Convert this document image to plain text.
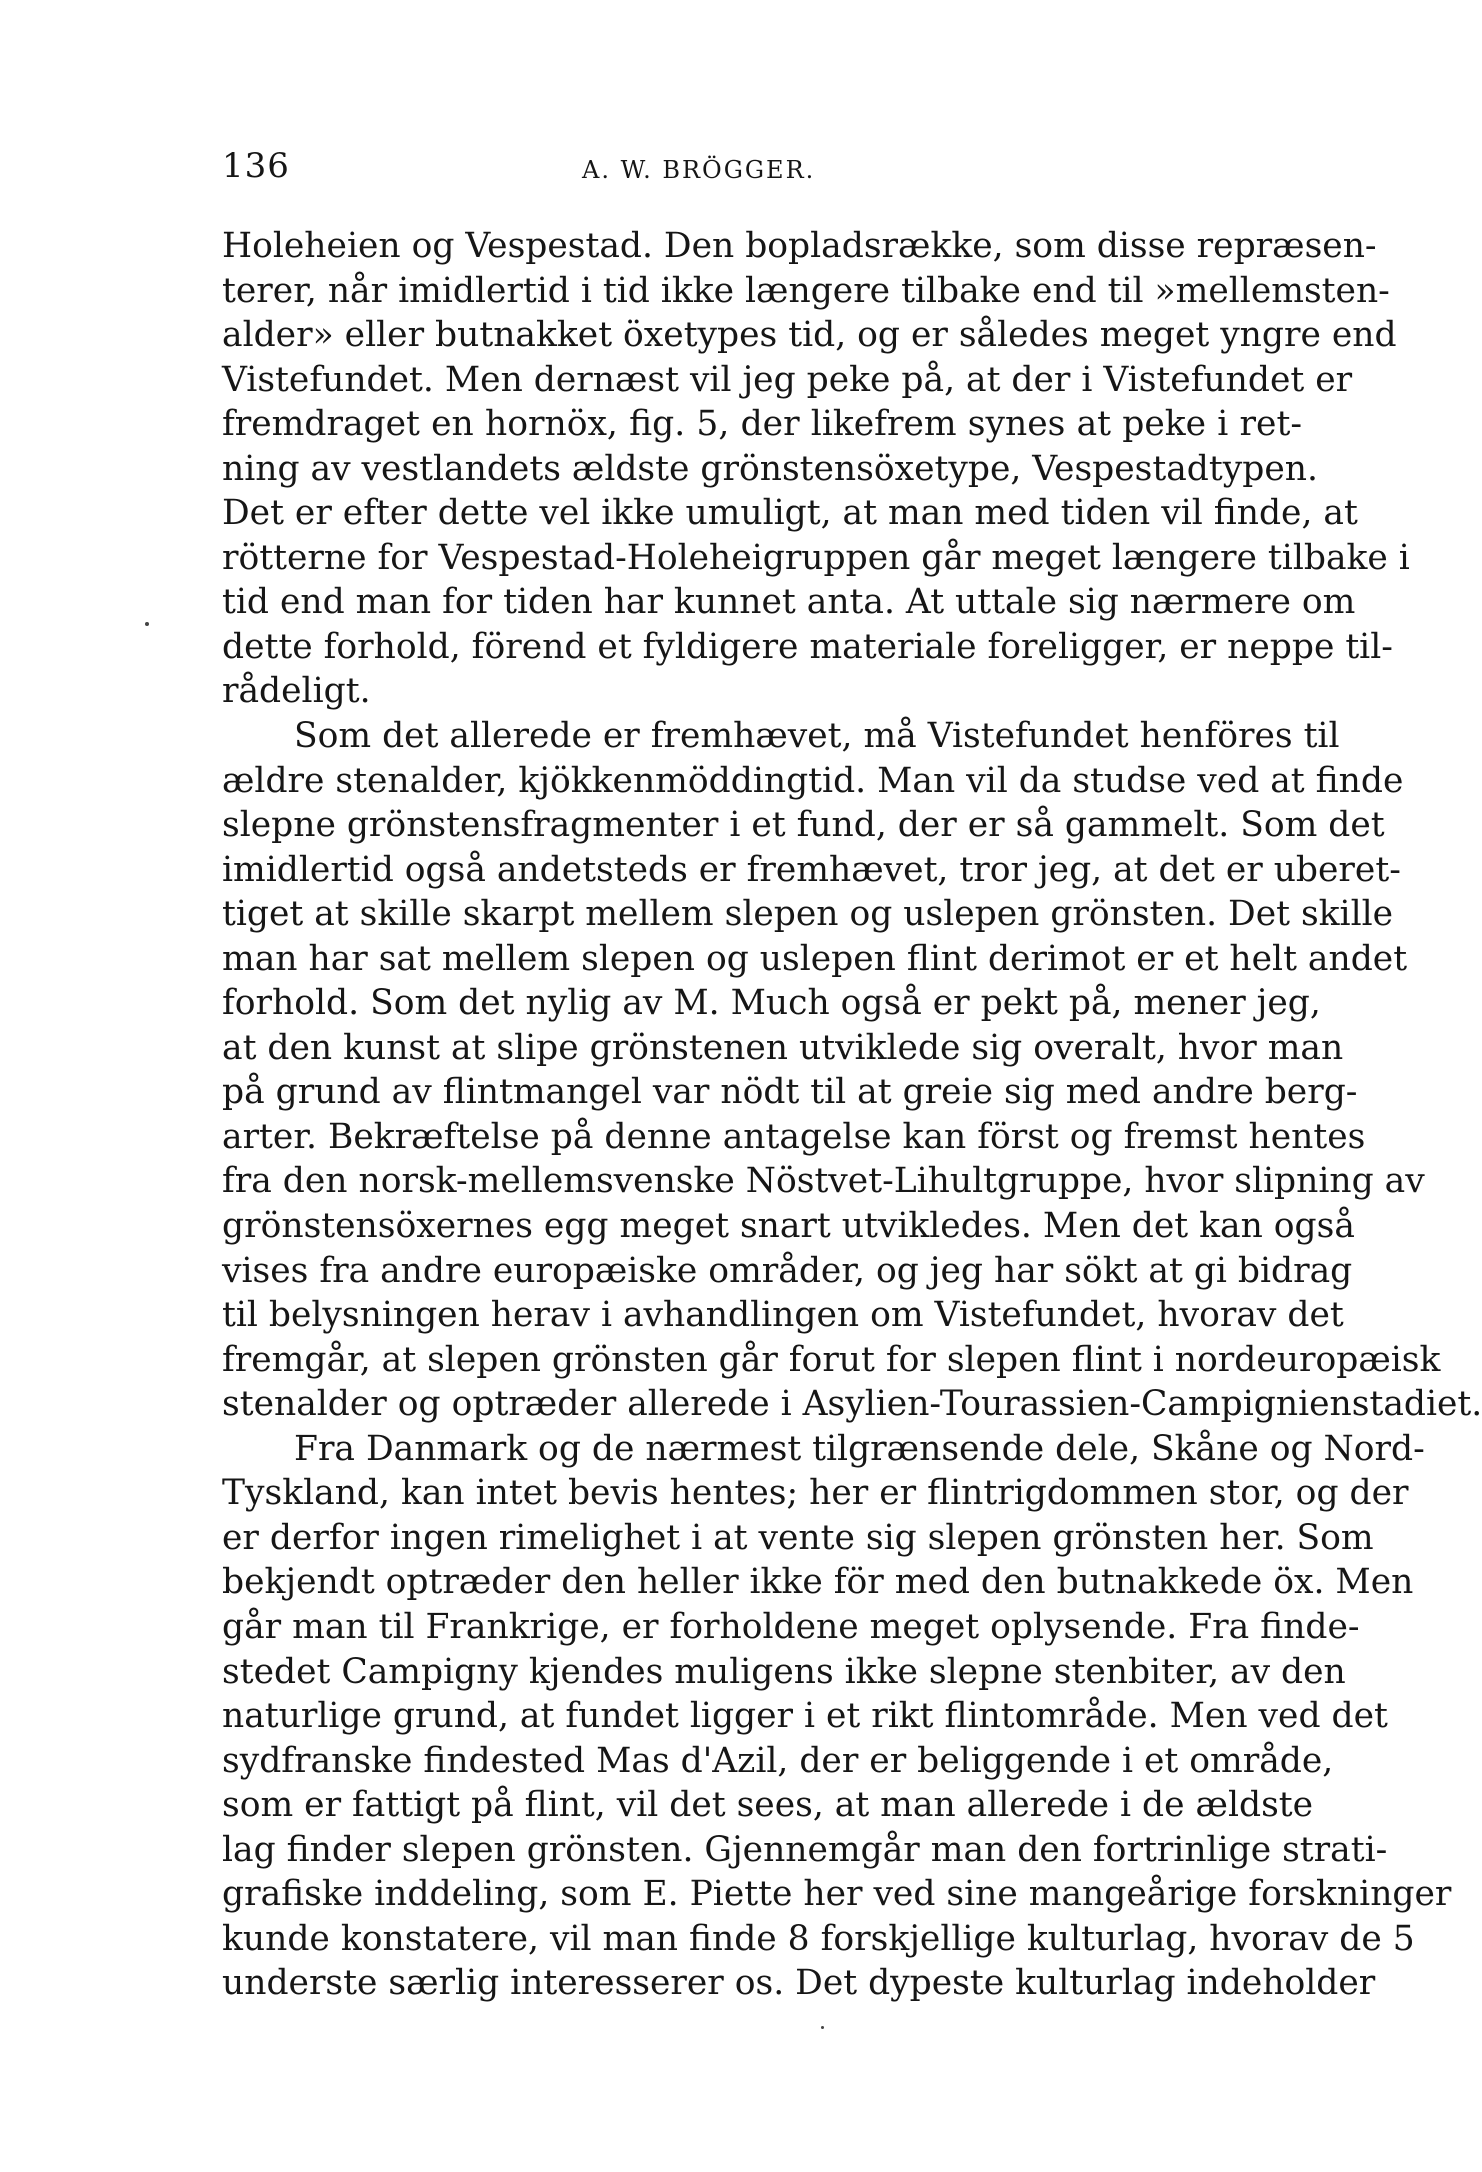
136	A. W. BRÖGGER.
Holeheien og Vespestad. Den bopladsrække, som disse repræsen-
terer, når imidlertid i tid ikke længere tilbake end til »mellemsten-
alder» eller butnakket öxetypes tid, og er således meget yngre end
Vistefundet. Men dernæst vil jeg peke på, at der i Vistefundet er
fremdraget en hornöx, fig. 5, der likefrem synes at peke i ret-
ning av vestlandets ældste grönstensöxetype, Vespestadtypen.
Det er efter dette vel ikke umuligt, at man med tiden vil finde, at
rötterne for Vespestad-Holeheigruppen går meget længere tilbake i
tid end man for tiden har kunnet anta. At uttale sig nærmere om
dette forhold, förend et fyldigere materiale foreligger, er neppe til-
rådeligt.
Som det allerede er fremhævet, må Vistefundet henföres til
ældre stenalder, kjökkenmöddingtid. Man vil da studse ved at finde
slepne grönstensfragmenter i et fund, der er så gammelt. Som det
imidlertid også andetsteds er fremhævet, tror jeg, at det er uberet-
tiget at skille skarpt mellem slepen og uslepen grönsten. Det skille
man har sat mellem slepen og uslepen flint derimot er et helt andet
forhold. Som det nylig av M. Much også er pekt på, mener jeg,
at den kunst at slipe grönstenen utviklede sig overalt, hvor man
på grund av flintmangel var nödt til at greie sig med andre berg-
arter. Bekræftelse på denne antagelse kan först og fremst hentes
fra den norsk-mellemsvenske Nöstvet-Lihultgruppe, hvor slipning av
grönstensöxernes egg meget snart utvikledes. Men det kan også
vises fra andre europæiske områder, og jeg har sökt at gi bidrag
til belysningen herav i avhandlingen om Vistefundet, hvorav det
fremgår, at slepen grönsten går forut for slepen flint i nordeuropæisk
stenalder og optræder allerede i Asylien-Tourassien-Campignienstadiet.
Fra Danmark og de nærmest tilgrænsende dele, Skåne og Nord-
Tyskland, kan intet bevis hentes; her er flintrigdommen stor, og der
er derfor ingen rimelighet i at vente sig slepen grönsten her. Som
bekjendt optræder den heller ikke för med den butnakkede öx. Men
går man til Frankrige, er forholdene meget oplysende. Fra finde-
stedet Campigny kjendes muligens ikke slepne stenbiter, av den
naturlige grund, at fundet ligger i et rikt flintområde. Men ved det
sydfranske findested Mas d'Azil, der er beliggende i et område,
som er fattigt på flint, vil det sees, at man allerede i de ældste
lag finder slepen grönsten. Gjennemgår man den fortrinlige strati-
grafiske inddeling, som E. Piette her ved sine mangeårige forskninger
kunde konstatere, vil man finde 8 forskjellige kulturlag, hvorav de 5
underste særlig interesserer os. Det dypeste kulturlag indeholder
